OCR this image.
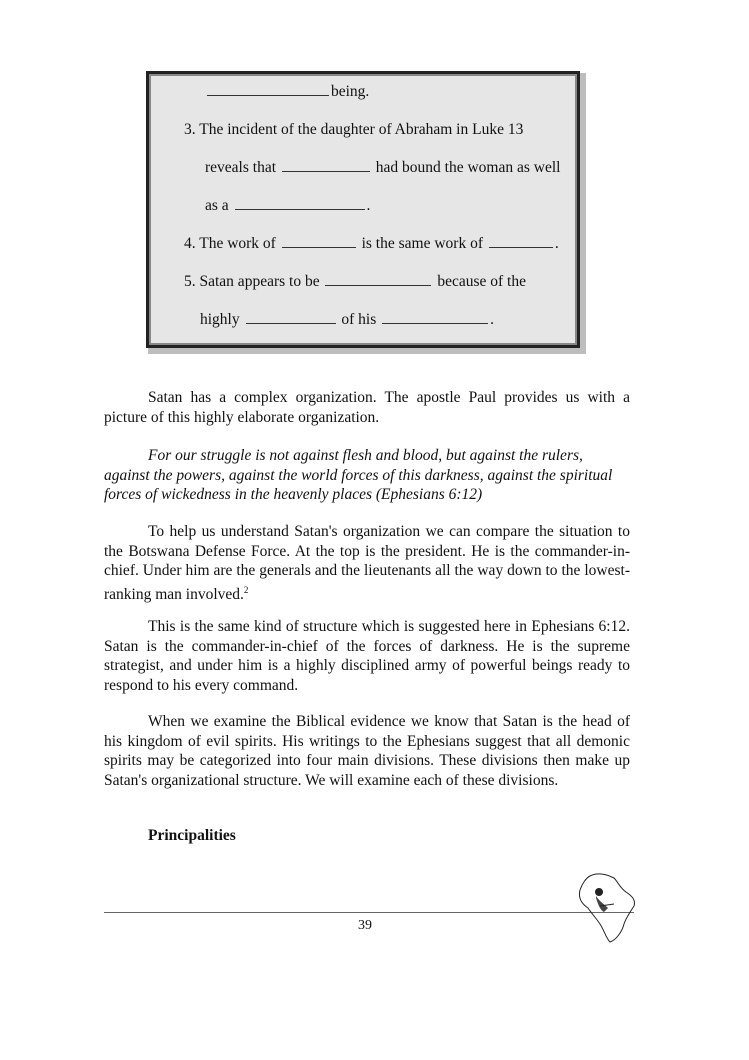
being.
3. The incident of the daughter of Abraham in Luke 13
reveals that	had bound the woman as well
as a	.
4. The work of	is the same work of	.
5. Satan appears to be	because of the
highly	of his	.
Satan has a complex organization. The apostle Paul provides us with a picture of this highly elaborate organization.
For our struggle is not against flesh and blood, but against the rulers, against the powers, against the world forces of this darkness, against the spiritual forces of wickedness in the heavenly places (Ephesians 6:12)
To help us understand Satan's organization we can compare the situation to the Botswana Defense Force. At the top is the president. He is the commander-in-chief. Under him are the generals and the lieutenants all the way down to the lowest-ranking man involved.$^2$
This is the same kind of structure which is suggested here in Ephesians 6:12. Satan is the commander-in-chief of the forces of darkness. He is the supreme strategist, and under him is a highly disciplined army of powerful beings ready to respond to his every command.
When we examine the Biblical evidence we know that Satan is the head of his kingdom of evil spirits. His writings to the Ephesians suggest that all demonic spirits may be categorized into four main divisions. These divisions then make up Satan's organizational structure. We will examine each of these divisions.
Principalities
39
